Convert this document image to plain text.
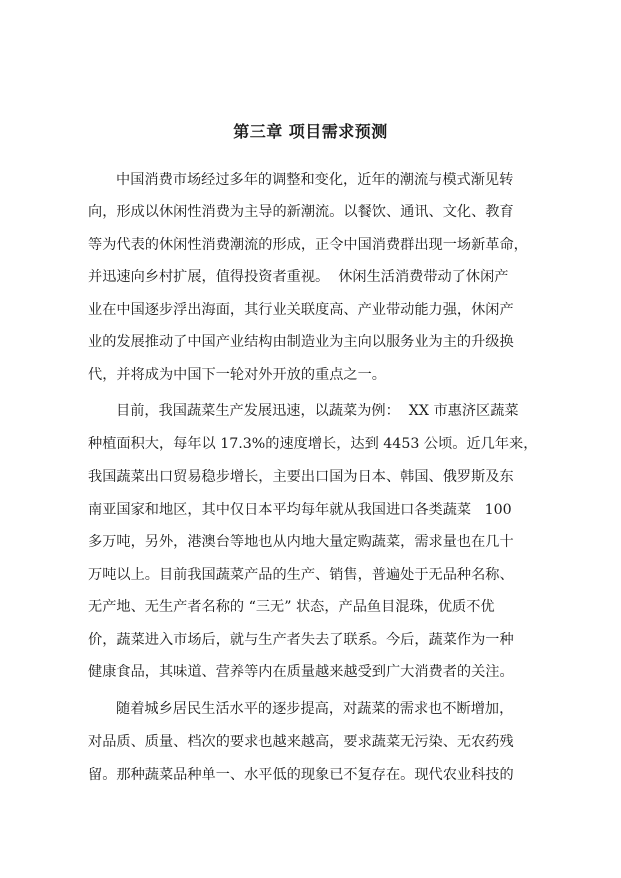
第三章 项目需求预测

中国消费市场经过多年的调整和变化，近年的潮流与模式渐见转

向，形成以休闲性消费为主导的新潮流。以餐饮、通讯、文化、教育

等为代表的休闲性消费潮流的形成，正令中国消费群出现一场新革命，

并迅速向乡村扩展，值得投资者重视。  休闲生活消费带动了休闲产

业在中国逐步浮出海面，其行业关联度高、产业带动能力强，休闲产

业的发展推动了中国产业结构由制造业为主向以服务业为主的升级换

代，并将成为中国下一轮对外开放的重点之一。

目前，我国蔬菜生产发展迅速，以蔬菜为例：  XX 市惠济区蔬菜

种植面积大，每年以 17.3%的速度增长，达到 4453 公顷。近几年来，

我国蔬菜出口贸易稳步增长，主要出口国为日本、韩国、俄罗斯及东

南亚国家和地区，其中仅日本平均每年就从我国进口各类蔬菜   100

多万吨，另外，港澳台等地也从内地大量定购蔬菜，需求量也在几十

万吨以上。目前我国蔬菜产品的生产、销售，普遍处于无品种名称、

无产地、无生产者名称的 “三无” 状态，产品鱼目混珠，优质不优

价，蔬菜进入市场后，就与生产者失去了联系。今后，蔬菜作为一种

健康食品，其味道、营养等内在质量越来越受到广大消费者的关注。

随着城乡居民生活水平的逐步提高，对蔬菜的需求也不断增加，

对品质、质量、档次的要求也越来越高，要求蔬菜无污染、无农药残

留。那种蔬菜品种单一、水平低的现象已不复存在。现代农业科技的
